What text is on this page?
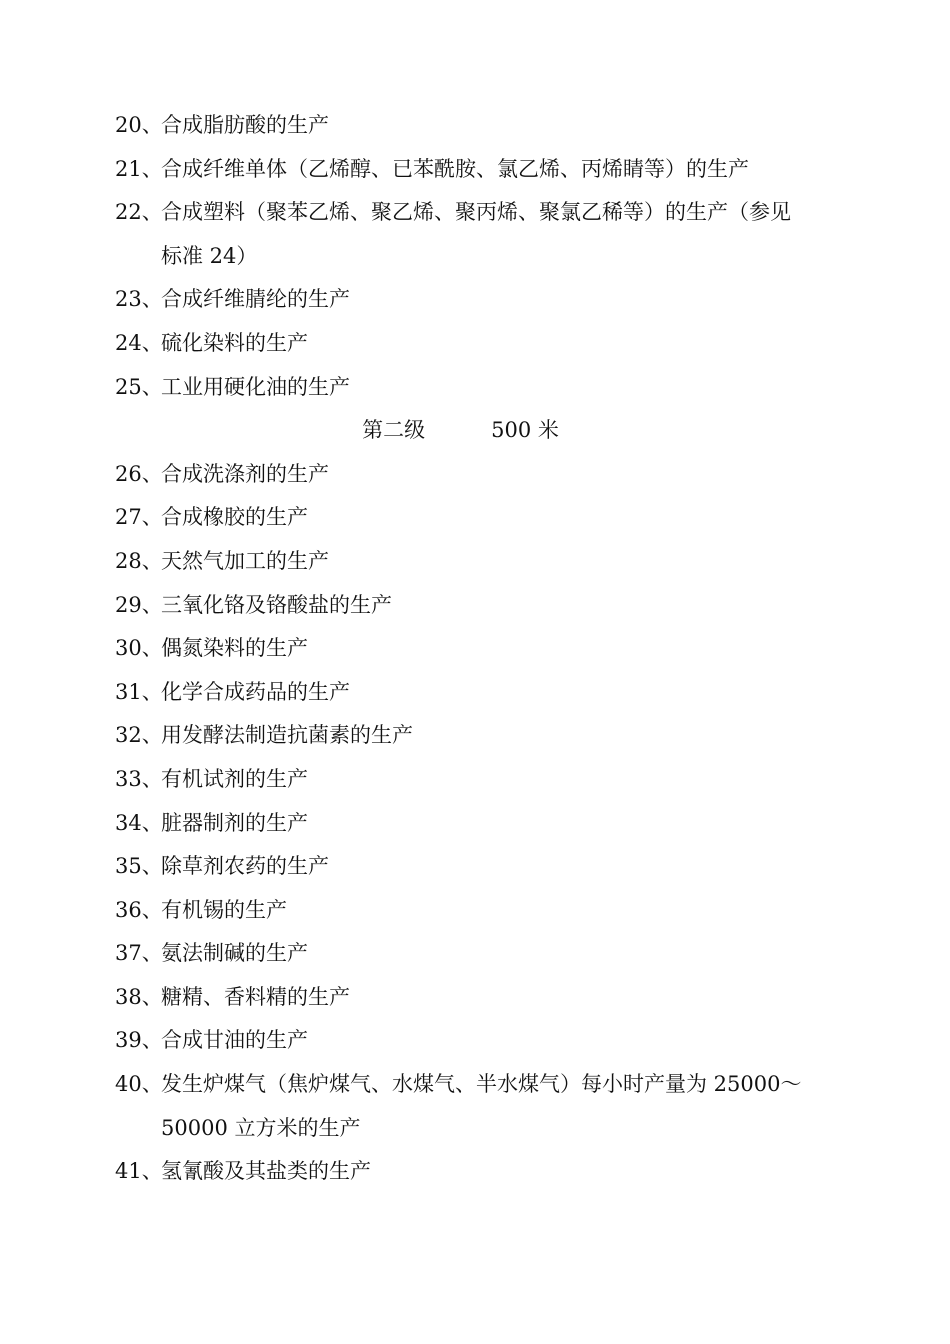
20、
合成脂肪酸的生产
21、
合成纤维单体（乙烯醇、已苯酰胺、氯乙烯、丙烯睛等）的生产
22、
合成塑料（聚苯乙烯、聚乙烯、聚丙烯、聚氯乙稀等）的生产（参见
标准 24）
23、
合成纤维腈纶的生产
24、
硫化染料的生产
25、
工业用硬化油的生产
第二级	500 米
26、
合成洗涤剂的生产
27、
合成橡胶的生产
28、
天然气加工的生产
29、
三氧化铬及铬酸盐的生产
30、
偶氮染料的生产
31、
化学合成药品的生产
32、
用发酵法制造抗菌素的生产
33、
有机试剂的生产
34、
脏器制剂的生产
35、
除草剂农药的生产
36、
有机锡的生产
37、
氨法制碱的生产
38、
糖精、香料精的生产
39、
合成甘油的生产
40、
发生炉煤气（焦炉煤气、水煤气、半水煤气）每小时产量为 25000～
50000 立方米的生产
41、
氢氰酸及其盐类的生产
